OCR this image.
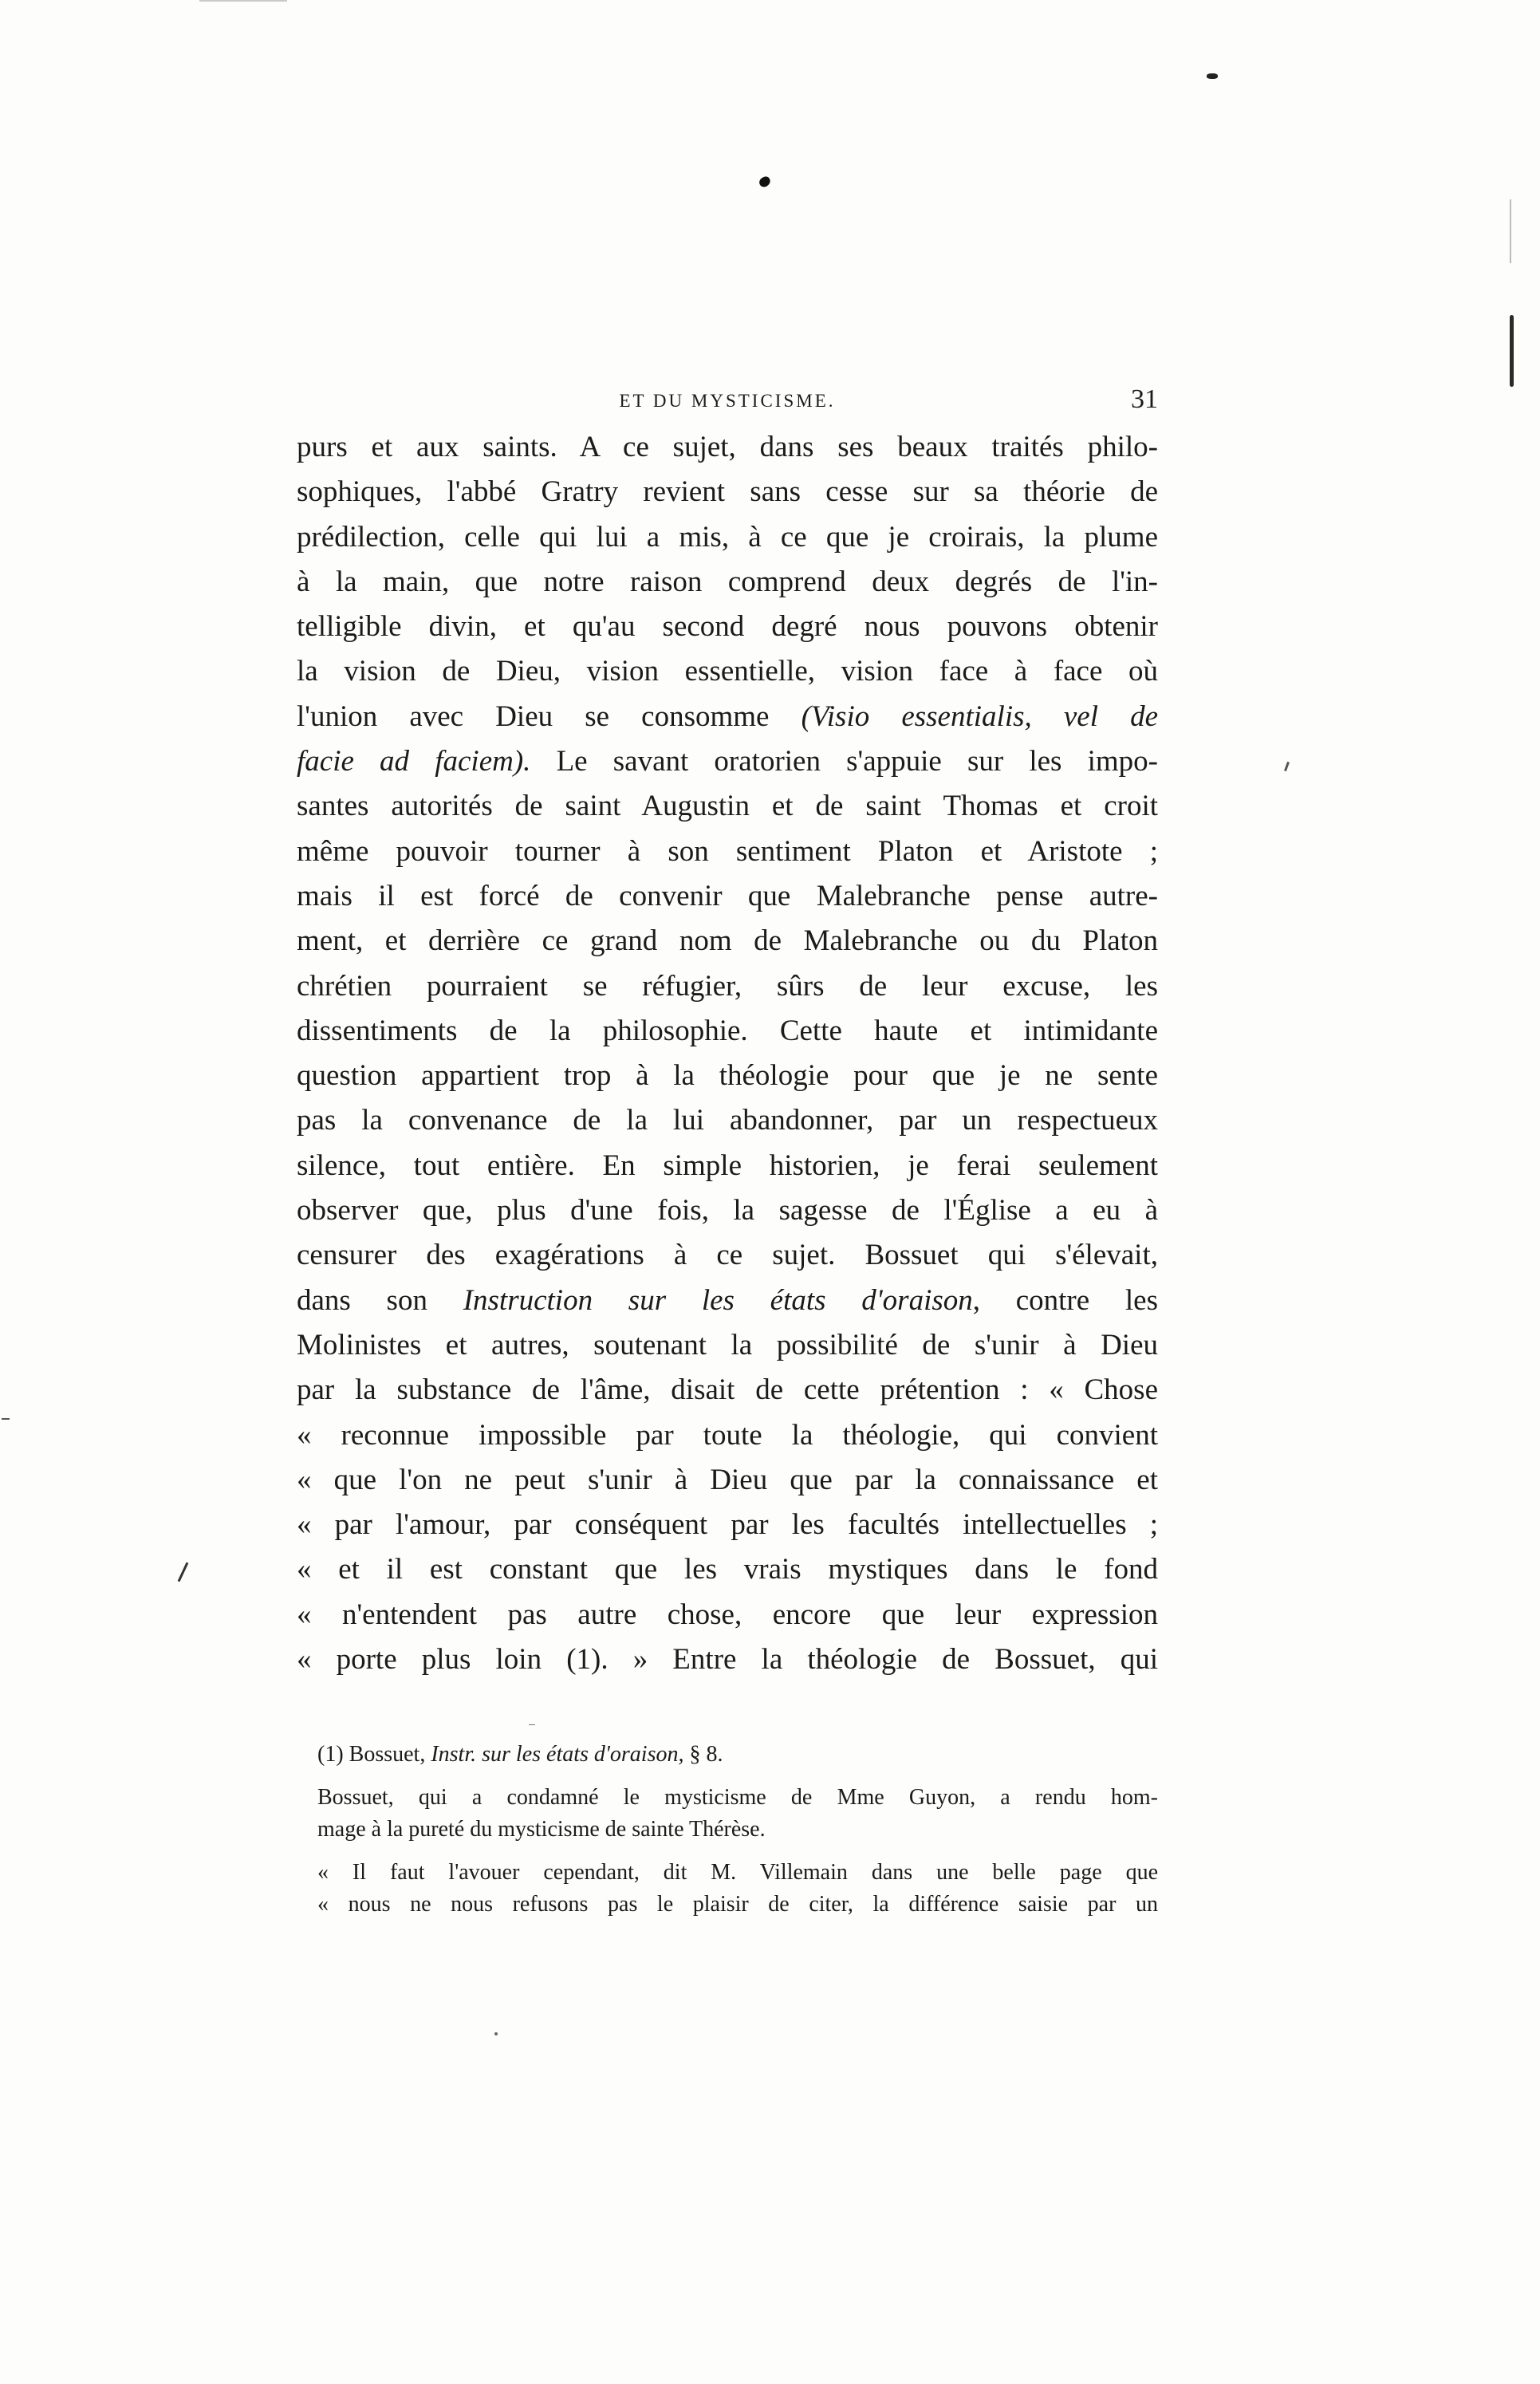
ET DU MYSTICISME.	31
purs et aux saints. A ce sujet, dans ses beaux traités philo-
sophiques, l'abbé Gratry revient sans cesse sur sa théorie de
prédilection, celle qui lui a mis, à ce que je croirais, la plume
à la main, que notre raison comprend deux degrés de l'in-
telligible divin, et qu'au second degré nous pouvons obtenir
la vision de Dieu, vision essentielle, vision face à face où
l'union avec Dieu se consomme (Visio essentialis, vel de
facie ad faciem). Le savant oratorien s'appuie sur les impo-
santes autorités de saint Augustin et de saint Thomas et croit
même pouvoir tourner à son sentiment Platon et Aristote ;
mais il est forcé de convenir que Malebranche pense autre-
ment, et derrière ce grand nom de Malebranche ou du Platon
chrétien pourraient se réfugier, sûrs de leur excuse, les
dissentiments de la philosophie. Cette haute et intimidante
question appartient trop à la théologie pour que je ne sente
pas la convenance de la lui abandonner, par un respectueux
silence, tout entière. En simple historien, je ferai seulement
observer que, plus d'une fois, la sagesse de l'Église a eu à
censurer des exagérations à ce sujet. Bossuet qui s'élevait,
dans son Instruction sur les états d'oraison, contre les
Molinistes et autres, soutenant la possibilité de s'unir à Dieu
par la substance de l'âme, disait de cette prétention : « Chose
« reconnue impossible par toute la théologie, qui convient
« que l'on ne peut s'unir à Dieu que par la connaissance et
« par l'amour, par conséquent par les facultés intellectuelles ;
« et il est constant que les vrais mystiques dans le fond
« n'entendent pas autre chose, encore que leur expression
« porte plus loin (1). » Entre la théologie de Bossuet, qui
(1) Bossuet, Instr. sur les états d'oraison, § 8.
Bossuet, qui a condamné le mysticisme de Mme Guyon, a rendu hom-
mage à la pureté du mysticisme de sainte Thérèse.
« Il faut l'avouer cependant, dit M. Villemain dans une belle page que
« nous ne nous refusons pas le plaisir de citer, la différence saisie par un
